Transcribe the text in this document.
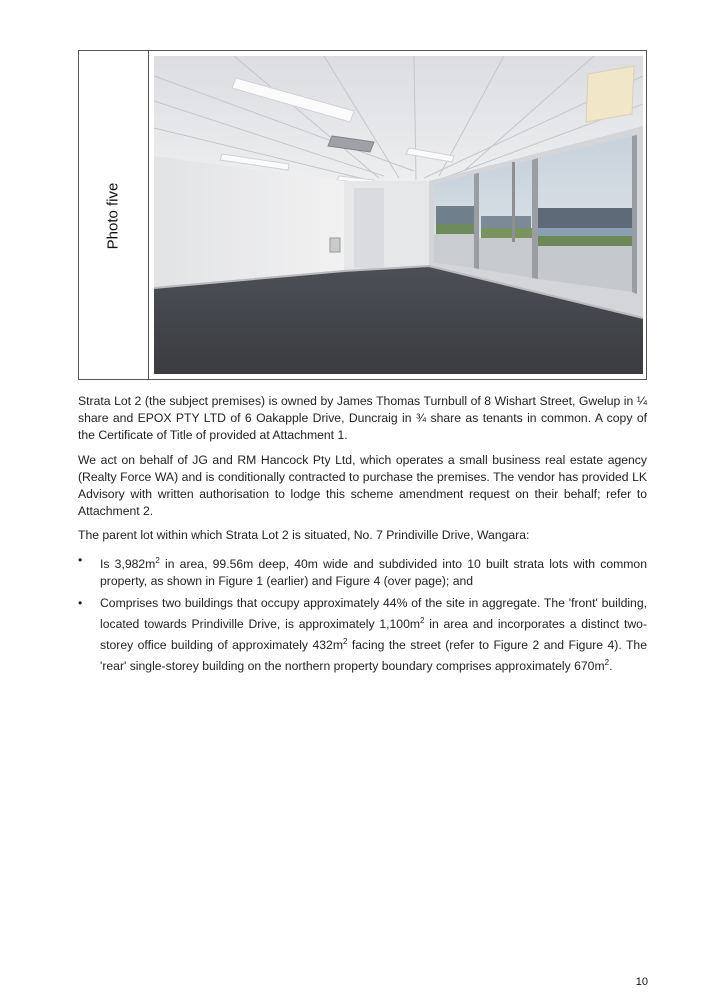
Photo five

Strata Lot 2 (the subject premises) is owned by James Thomas Turnbull of 8 Wishart Street, Gwelup in ¼ share and EPOX PTY LTD of 6 Oakapple Drive, Duncraig in ¾ share as tenants in common. A copy of the Certificate of Title of provided at Attachment 1.

We act on behalf of JG and RM Hancock Pty Ltd, which operates a small business real estate agency (Realty Force WA) and is conditionally contracted to purchase the premises. The vendor has provided LK Advisory with written authorisation to lodge this scheme amendment request on their behalf; refer to Attachment 2.

The parent lot within which Strata Lot 2 is situated, No. 7 Prindiville Drive, Wangara:

•	Is $3,982m^2$ in area, 99.56m deep, 40m wide and subdivided into 10 built strata lots with common property, as shown in Figure 1 (earlier) and Figure 4 (over page); and
•	Comprises two buildings that occupy approximately 44% of the site in aggregate. The 'front' building, located towards Prindiville Drive, is approximately $1,100m^2$ in area and incorporates a distinct two-storey office building of approximately $432m^2$ facing the street (refer to Figure 2 and Figure 4). The 'rear' single-storey building on the northern property boundary comprises approximately $670m^2$.
10
